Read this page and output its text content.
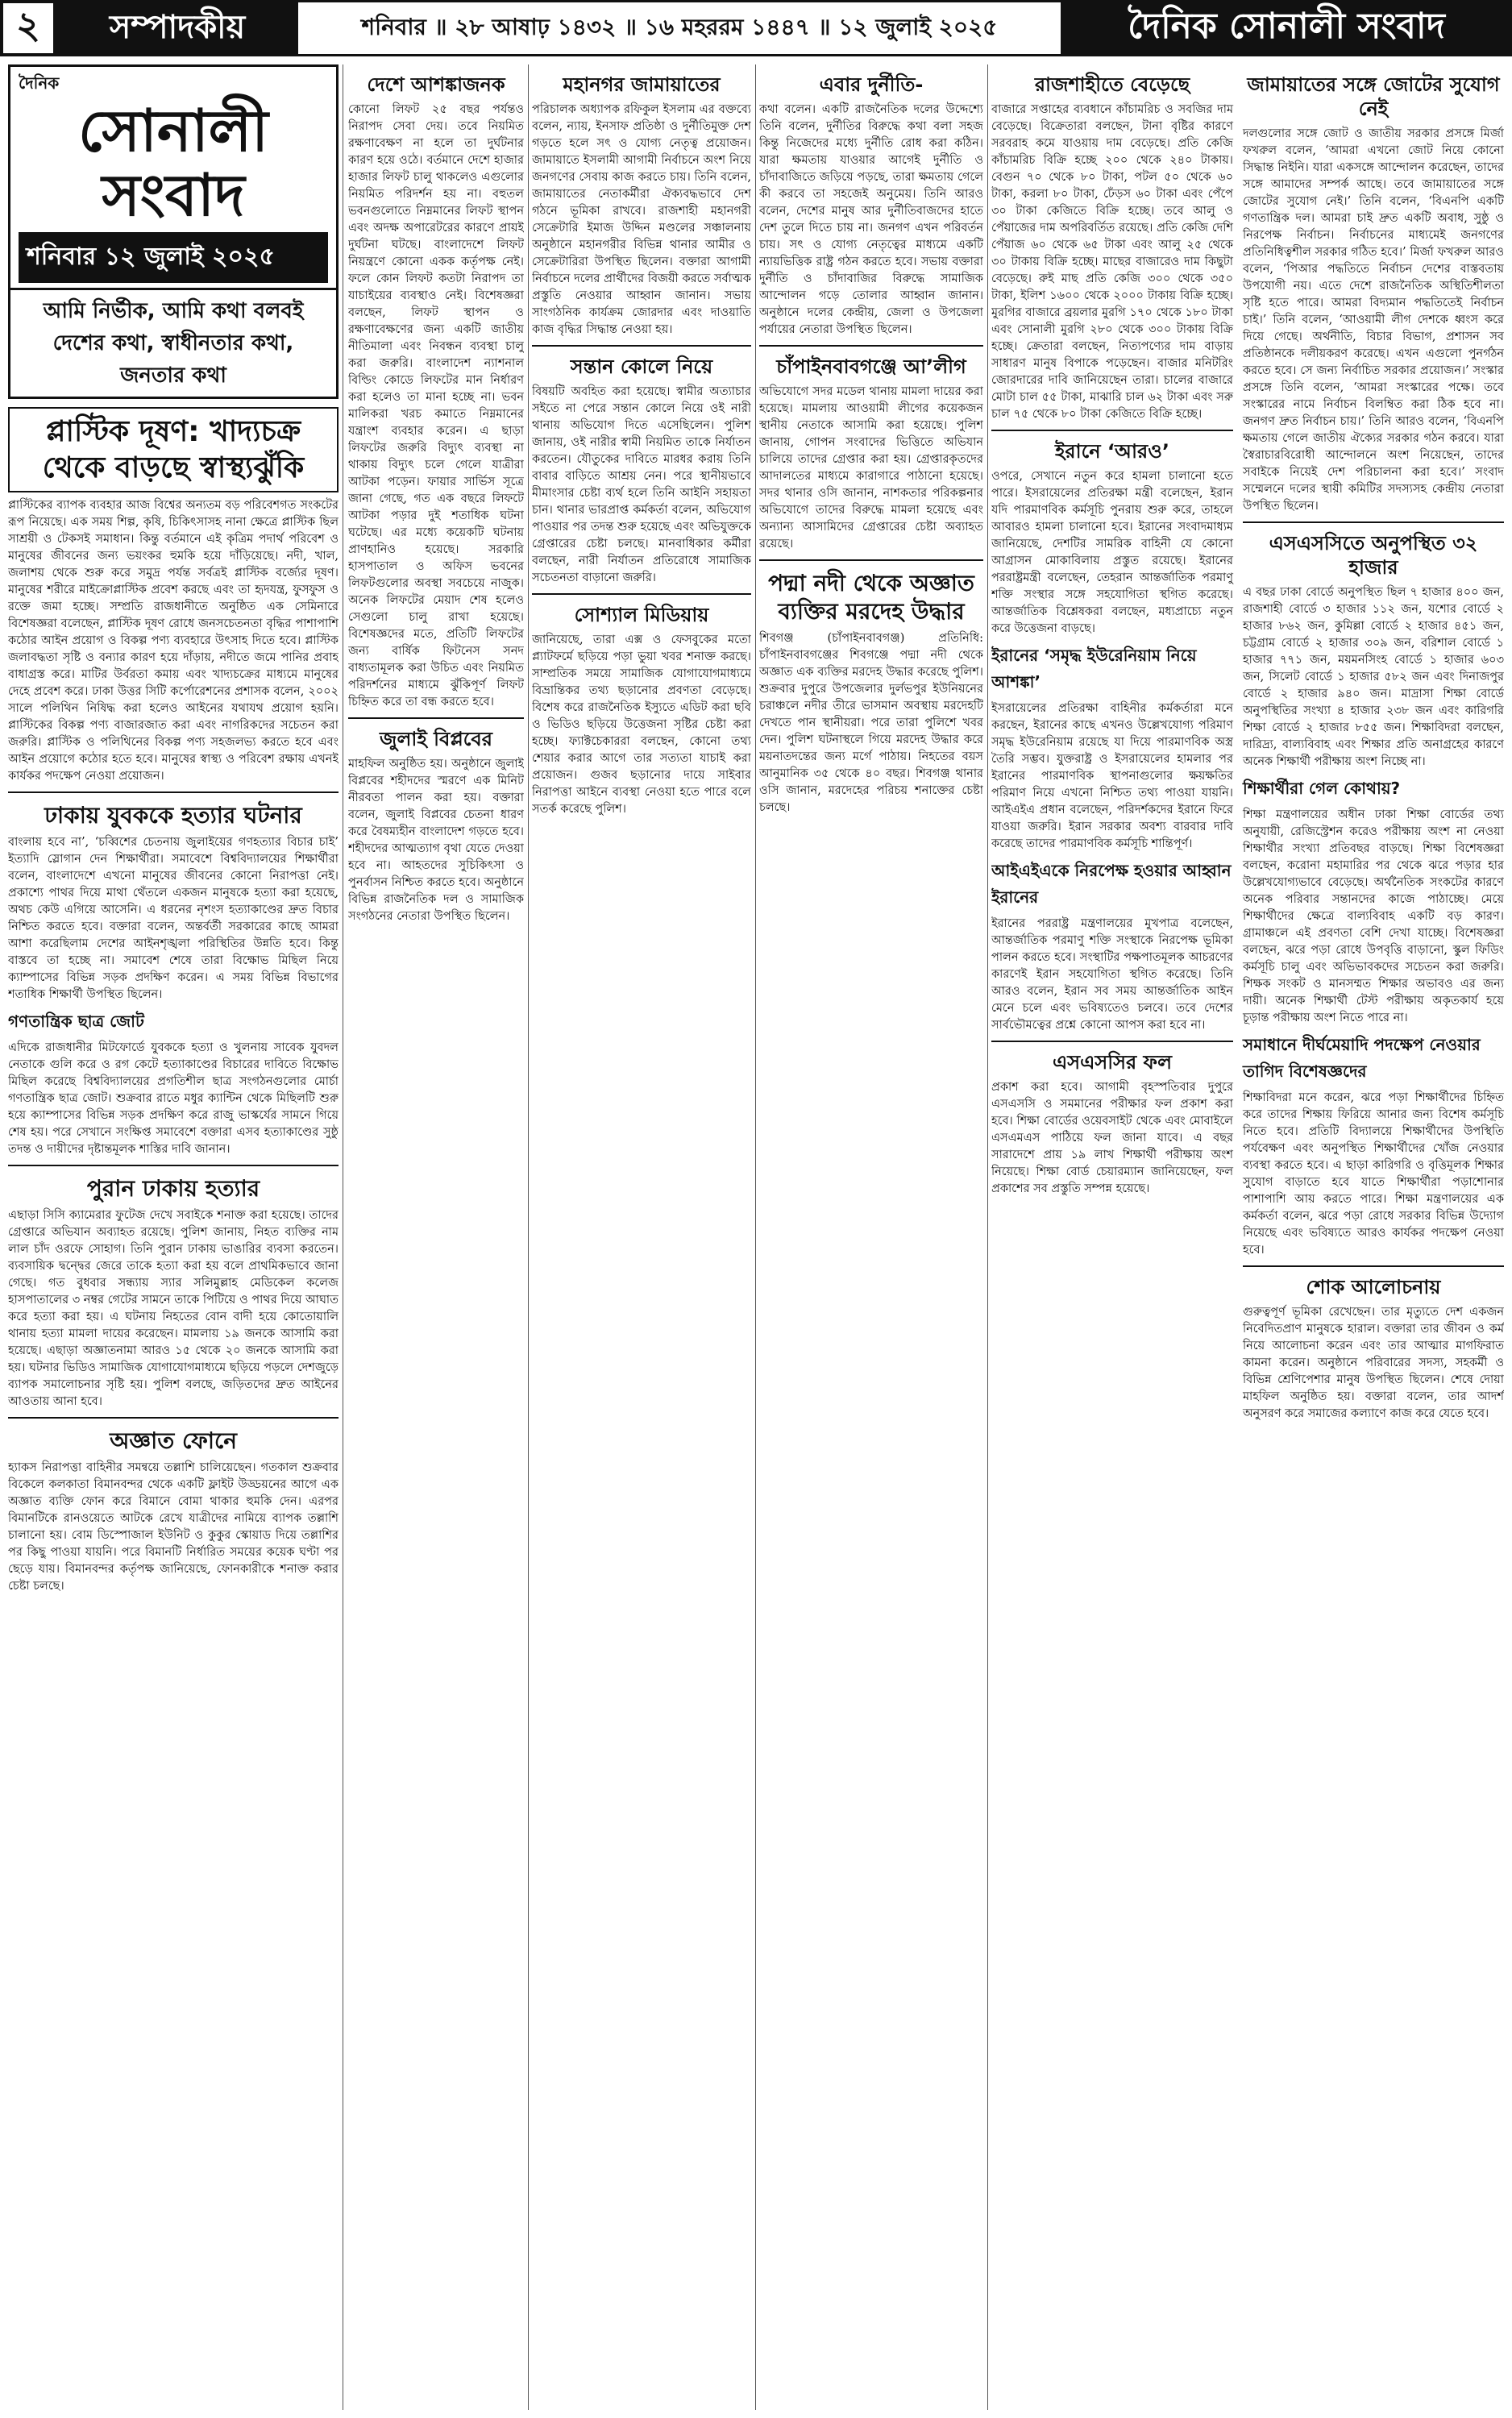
২	সম্পাদকীয়	শনিবার ॥ ২৮ আষাঢ় ১৪৩২ ॥ ১৬ মহররম ১৪৪৭ ॥ ১২ জুলাই ২০২৫	দৈনিক সোনালী সংবাদ
দৈনিক
সোনালী সংবাদ
শনিবার ১২ জুলাই ২০২৫
আমি নির্ভীক, আমি কথা বলবই
দেশের কথা, স্বাধীনতার কথা, জনতার কথা
প্লাস্টিক দূষণ: খাদ্যচক্র থেকে বাড়ছে স্বাস্থ্যঝুঁকি

প্লাস্টিকের ব্যাপক ব্যবহার আজ বিশ্বের অন্যতম বড় পরিবেশগত সংকটের রূপ নিয়েছে। এক সময় শিল্প, কৃষি, চিকিৎসাসহ নানা ক্ষেত্রে প্লাস্টিক ছিল সাশ্রয়ী ও টেকসই সমাধান। কিন্তু বর্তমানে এই কৃত্রিম পদার্থ পরিবেশ ও মানুষের জীবনের জন্য ভয়ংকর হুমকি হয়ে দাঁড়িয়েছে। নদী, খাল, জলাশয় থেকে শুরু করে সমুদ্র পর্যন্ত সর্বত্রই প্লাস্টিক বর্জ্যের দূষণ। মানুষের শরীরে মাইক্রোপ্লাস্টিক প্রবেশ করছে এবং তা হৃদযন্ত্র, ফুসফুস ও রক্তে জমা হচ্ছে। সম্প্রতি রাজধানীতে অনুষ্ঠিত এক সেমিনারে বিশেষজ্ঞরা বলেছেন, প্লাস্টিক দূষণ রোধে জনসচেতনতা বৃদ্ধির পাশাপাশি কঠোর আইন প্রয়োগ ও বিকল্প পণ্য ব্যবহারে উৎসাহ দিতে হবে। প্লাস্টিক জলাবদ্ধতা সৃষ্টি ও বন্যার কারণ হয়ে দাঁড়ায়, নদীতে জমে পানির প্রবাহ বাধাগ্রস্ত করে। মাটির উর্বরতা কমায় এবং খাদ্যচক্রের মাধ্যমে মানুষের দেহে প্রবেশ করে। ঢাকা উত্তর সিটি কর্পোরেশনের প্রশাসক বলেন, ২০০২ সালে পলিথিন নিষিদ্ধ করা হলেও আইনের যথাযথ প্রয়োগ হয়নি। প্লাস্টিকের বিকল্প পণ্য বাজারজাত করা এবং নাগরিকদের সচেতন করা জরুরি। প্লাস্টিক ও পলিথিনের বিকল্প পণ্য সহজলভ্য করতে হবে এবং আইন প্রয়োগে কঠোর হতে হবে। মানুষের স্বাস্থ্য ও পরিবেশ রক্ষায় এখনই কার্যকর পদক্ষেপ নেওয়া প্রয়োজন।

ঢাকায় যুবককে হত্যার ঘটনার

বাংলায় হবে না’, ‘চব্বিশের চেতনায় জুলাইয়ের গণহত্যার বিচার চাই’ ইত্যাদি স্লোগান দেন শিক্ষার্থীরা। সমাবেশে বিশ্ববিদ্যালয়ের শিক্ষার্থীরা বলেন, বাংলাদেশে এখনো মানুষের জীবনের কোনো নিরাপত্তা নেই। প্রকাশ্যে পাথর দিয়ে মাথা থেঁতলে একজন মানুষকে হত্যা করা হয়েছে, অথচ কেউ এগিয়ে আসেনি। এ ধরনের নৃশংস হত্যাকাণ্ডের দ্রুত বিচার নিশ্চিত করতে হবে। বক্তারা বলেন, অন্তর্বর্তী সরকারের কাছে আমরা আশা করেছিলাম দেশের আইনশৃঙ্খলা পরিস্থিতির উন্নতি হবে। কিন্তু বাস্তবে তা হচ্ছে না। সমাবেশ শেষে তারা বিক্ষোভ মিছিল নিয়ে ক্যাম্পাসের বিভিন্ন সড়ক প্রদক্ষিণ করেন। এ সময় বিভিন্ন বিভাগের শতাধিক শিক্ষার্থী উপস্থিত ছিলেন।

গণতান্ত্রিক ছাত্র জোট

এদিকে রাজধানীর মিটফোর্ডে যুবককে হত্যা ও খুলনায় সাবেক যুবদল নেতাকে গুলি করে ও রগ কেটে হত্যাকাণ্ডের বিচারের দাবিতে বিক্ষোভ মিছিল করেছে বিশ্ববিদ্যালয়ের প্রগতিশীল ছাত্র সংগঠনগুলোর মোর্চা গণতান্ত্রিক ছাত্র জোট। শুক্রবার রাতে মধুর ক্যান্টিন থেকে মিছিলটি শুরু হয়ে ক্যাম্পাসের বিভিন্ন সড়ক প্রদক্ষিণ করে রাজু ভাস্কর্যের সামনে গিয়ে শেষ হয়। পরে সেখানে সংক্ষিপ্ত সমাবেশে বক্তারা এসব হত্যাকাণ্ডের সুষ্ঠু তদন্ত ও দায়ীদের দৃষ্টান্তমূলক শাস্তির দাবি জানান।

পুরান ঢাকায় হত্যার

এছাড়া সিসি ক্যামেরার ফুটেজ দেখে সবাইকে শনাক্ত করা হয়েছে। তাদের গ্রেপ্তারে অভিযান অব্যাহত রয়েছে। পুলিশ জানায়, নিহত ব্যক্তির নাম লাল চাঁদ ওরফে সোহাগ। তিনি পুরান ঢাকায় ভাঙারির ব্যবসা করতেন। ব্যবসায়িক দ্বন্দ্বের জেরে তাকে হত্যা করা হয় বলে প্রাথমিকভাবে জানা গেছে। গত বুধবার সন্ধ্যায় স্যার সলিমুল্লাহ মেডিকেল কলেজ হাসপাতালের ৩ নম্বর গেটের সামনে তাকে পিটিয়ে ও পাথর দিয়ে আঘাত করে হত্যা করা হয়। এ ঘটনায় নিহতের বোন বাদী হয়ে কোতোয়ালি থানায় হত্যা মামলা দায়ের করেছেন। মামলায় ১৯ জনকে আসামি করা হয়েছে। এছাড়া অজ্ঞাতনামা আরও ১৫ থেকে ২০ জনকে আসামি করা হয়। ঘটনার ভিডিও সামাজিক যোগাযোগমাধ্যমে ছড়িয়ে পড়লে দেশজুড়ে ব্যাপক সমালোচনার সৃষ্টি হয়। পুলিশ বলছে, জড়িতদের দ্রুত আইনের আওতায় আনা হবে।

অজ্ঞাত ফোনে

হ্যাকস নিরাপত্তা বাহিনীর সমন্বয়ে তল্লাশি চালিয়েছেন। গতকাল শুক্রবার বিকেলে কলকাতা বিমানবন্দর থেকে একটি ফ্লাইট উড্ডয়নের আগে এক অজ্ঞাত ব্যক্তি ফোন করে বিমানে বোমা থাকার হুমকি দেন। এরপর বিমানটিকে রানওয়েতে আটকে রেখে যাত্রীদের নামিয়ে ব্যাপক তল্লাশি চালানো হয়। বোম ডিস্পোজাল ইউনিট ও কুকুর স্কোয়াড দিয়ে তল্লাশির পর কিছু পাওয়া যায়নি। পরে বিমানটি নির্ধারিত সময়ের কয়েক ঘণ্টা পর ছেড়ে যায়। বিমানবন্দর কর্তৃপক্ষ জানিয়েছে, ফোনকারীকে শনাক্ত করার চেষ্টা চলছে।

দেশে আশঙ্কাজনক

কোনো লিফট ২৫ বছর পর্যন্তও নিরাপদ সেবা দেয়। তবে নিয়মিত রক্ষণাবেক্ষণ না হলে তা দুর্ঘটনার কারণ হয়ে ওঠে। বর্তমানে দেশে হাজার হাজার লিফট চালু থাকলেও এগুলোর নিয়মিত পরিদর্শন হয় না। বহুতল ভবনগুলোতে নিম্নমানের লিফট স্থাপন এবং অদক্ষ অপারেটরের কারণে প্রায়ই দুর্ঘটনা ঘটছে। বাংলাদেশে লিফট নিয়ন্ত্রণে কোনো একক কর্তৃপক্ষ নেই। ফলে কোন লিফট কতটা নিরাপদ তা যাচাইয়ের ব্যবস্থাও নেই। বিশেষজ্ঞরা বলছেন, লিফট স্থাপন ও রক্ষণাবেক্ষণের জন্য একটি জাতীয় নীতিমালা এবং নিবন্ধন ব্যবস্থা চালু করা জরুরি। বাংলাদেশ ন্যাশনাল বিল্ডিং কোডে লিফটের মান নির্ধারণ করা হলেও তা মানা হচ্ছে না। ভবন মালিকরা খরচ কমাতে নিম্নমানের যন্ত্রাংশ ব্যবহার করেন। এ ছাড়া লিফটের জরুরি বিদ্যুৎ ব্যবস্থা না থাকায় বিদ্যুৎ চলে গেলে যাত্রীরা আটকা পড়েন। ফায়ার সার্ভিস সূত্রে জানা গেছে, গত এক বছরে লিফটে আটকা পড়ার দুই শতাধিক ঘটনা ঘটেছে। এর মধ্যে কয়েকটি ঘটনায় প্রাণহানিও হয়েছে। সরকারি হাসপাতাল ও অফিস ভবনের লিফটগুলোর অবস্থা সবচেয়ে নাজুক। অনেক লিফটের মেয়াদ শেষ হলেও সেগুলো চালু রাখা হয়েছে। বিশেষজ্ঞদের মতে, প্রতিটি লিফটের জন্য বার্ষিক ফিটনেস সনদ বাধ্যতামূলক করা উচিত এবং নিয়মিত পরিদর্শনের মাধ্যমে ঝুঁকিপূর্ণ লিফট চিহ্নিত করে তা বন্ধ করতে হবে।

জুলাই বিপ্লবের

মাহফিল অনুষ্ঠিত হয়। অনুষ্ঠানে জুলাই বিপ্লবের শহীদদের স্মরণে এক মিনিট নীরবতা পালন করা হয়। বক্তারা বলেন, জুলাই বিপ্লবের চেতনা ধারণ করে বৈষম্যহীন বাংলাদেশ গড়তে হবে। শহীদদের আত্মত্যাগ বৃথা যেতে দেওয়া হবে না। আহতদের সুচিকিৎসা ও পুনর্বাসন নিশ্চিত করতে হবে। অনুষ্ঠানে বিভিন্ন রাজনৈতিক দল ও সামাজিক সংগঠনের নেতারা উপস্থিত ছিলেন।

মহানগর জামায়াতের

পরিচালক অধ্যাপক রফিকুল ইসলাম এর বক্তব্যে বলেন, ন্যায়, ইনসাফ প্রতিষ্ঠা ও দুর্নীতিমুক্ত দেশ গড়তে হলে সৎ ও যোগ্য নেতৃত্ব প্রয়োজন। জামায়াতে ইসলামী আগামী নির্বাচনে অংশ নিয়ে জনগণের সেবায় কাজ করতে চায়। তিনি বলেন, জামায়াতের নেতাকর্মীরা ঐক্যবদ্ধভাবে দেশ গঠনে ভূমিকা রাখবে। রাজশাহী মহানগরী সেক্রেটারি ইমাজ উদ্দিন মণ্ডলের সঞ্চালনায় অনুষ্ঠানে মহানগরীর বিভিন্ন থানার আমীর ও সেক্রেটারিরা উপস্থিত ছিলেন। বক্তারা আগামী নির্বাচনে দলের প্রার্থীদের বিজয়ী করতে সর্বাত্মক প্রস্তুতি নেওয়ার আহ্বান জানান। সভায় সাংগঠনিক কার্যক্রম জোরদার এবং দাওয়াতি কাজ বৃদ্ধির সিদ্ধান্ত নেওয়া হয়।

সন্তান কোলে নিয়ে

বিষয়টি অবহিত করা হয়েছে। স্বামীর অত্যাচার সইতে না পেরে সন্তান কোলে নিয়ে ওই নারী থানায় অভিযোগ দিতে এসেছিলেন। পুলিশ জানায়, ওই নারীর স্বামী নিয়মিত তাকে নির্যাতন করতেন। যৌতুকের দাবিতে মারধর করায় তিনি বাবার বাড়িতে আশ্রয় নেন। পরে স্থানীয়ভাবে মীমাংসার চেষ্টা ব্যর্থ হলে তিনি আইনি সহায়তা চান। থানার ভারপ্রাপ্ত কর্মকর্তা বলেন, অভিযোগ পাওয়ার পর তদন্ত শুরু হয়েছে এবং অভিযুক্তকে গ্রেপ্তারের চেষ্টা চলছে। মানবাধিকার কর্মীরা বলছেন, নারী নির্যাতন প্রতিরোধে সামাজিক সচেতনতা বাড়ানো জরুরি।

সোশ্যাল মিডিয়ায়

জানিয়েছে, তারা এক্স ও ফেসবুকের মতো প্ল্যাটফর্মে ছড়িয়ে পড়া ভুয়া খবর শনাক্ত করছে। সাম্প্রতিক সময়ে সামাজিক যোগাযোগমাধ্যমে বিভ্রান্তিকর তথ্য ছড়ানোর প্রবণতা বেড়েছে। বিশেষ করে রাজনৈতিক ইস্যুতে এডিট করা ছবি ও ভিডিও ছড়িয়ে উত্তেজনা সৃষ্টির চেষ্টা করা হচ্ছে। ফ্যাক্টচেকাররা বলছেন, কোনো তথ্য শেয়ার করার আগে তার সত্যতা যাচাই করা প্রয়োজন। গুজব ছড়ানোর দায়ে সাইবার নিরাপত্তা আইনে ব্যবস্থা নেওয়া হতে পারে বলে সতর্ক করেছে পুলিশ।

এবার দুর্নীতি-

কথা বলেন। একটি রাজনৈতিক দলের উদ্দেশ্যে তিনি বলেন, দুর্নীতির বিরুদ্ধে কথা বলা সহজ কিন্তু নিজেদের মধ্যে দুর্নীতি রোধ করা কঠিন। যারা ক্ষমতায় যাওয়ার আগেই দুর্নীতি ও চাঁদাবাজিতে জড়িয়ে পড়ছে, তারা ক্ষমতায় গেলে কী করবে তা সহজেই অনুমেয়। তিনি আরও বলেন, দেশের মানুষ আর দুর্নীতিবাজদের হাতে দেশ তুলে দিতে চায় না। জনগণ এখন পরিবর্তন চায়। সৎ ও যোগ্য নেতৃত্বের মাধ্যমে একটি ন্যায়ভিত্তিক রাষ্ট্র গঠন করতে হবে। সভায় বক্তারা দুর্নীতি ও চাঁদাবাজির বিরুদ্ধে সামাজিক আন্দোলন গড়ে তোলার আহ্বান জানান। অনুষ্ঠানে দলের কেন্দ্রীয়, জেলা ও উপজেলা পর্যায়ের নেতারা উপস্থিত ছিলেন।

চাঁপাইনবাবগঞ্জে আ’লীগ

অভিযোগে সদর মডেল থানায় মামলা দায়ের করা হয়েছে। মামলায় আওয়ামী লীগের কয়েকজন স্থানীয় নেতাকে আসামি করা হয়েছে। পুলিশ জানায়, গোপন সংবাদের ভিত্তিতে অভিযান চালিয়ে তাদের গ্রেপ্তার করা হয়। গ্রেপ্তারকৃতদের আদালতের মাধ্যমে কারাগারে পাঠানো হয়েছে। সদর থানার ওসি জানান, নাশকতার পরিকল্পনার অভিযোগে তাদের বিরুদ্ধে মামলা হয়েছে এবং অন্যান্য আসামিদের গ্রেপ্তারের চেষ্টা অব্যাহত রয়েছে।

পদ্মা নদী থেকে অজ্ঞাত ব্যক্তির মরদেহ উদ্ধার

শিবগঞ্জ (চাঁপাইনবাবগঞ্জ) প্রতিনিধি: চাঁপাইনবাবগঞ্জের শিবগঞ্জে পদ্মা নদী থেকে অজ্ঞাত এক ব্যক্তির মরদেহ উদ্ধার করেছে পুলিশ। শুক্রবার দুপুরে উপজেলার দুর্লভপুর ইউনিয়নের চরাঞ্চলে নদীর তীরে ভাসমান অবস্থায় মরদেহটি দেখতে পান স্থানীয়রা। পরে তারা পুলিশে খবর দেন। পুলিশ ঘটনাস্থলে গিয়ে মরদেহ উদ্ধার করে ময়নাতদন্তের জন্য মর্গে পাঠায়। নিহতের বয়স আনুমানিক ৩৫ থেকে ৪০ বছর। শিবগঞ্জ থানার ওসি জানান, মরদেহের পরিচয় শনাক্তের চেষ্টা চলছে।

রাজশাহীতে বেড়েছে

বাজারে সপ্তাহের ব্যবধানে কাঁচামরিচ ও সবজির দাম বেড়েছে। বিক্রেতারা বলছেন, টানা বৃষ্টির কারণে সরবরাহ কমে যাওয়ায় দাম বেড়েছে। প্রতি কেজি কাঁচামরিচ বিক্রি হচ্ছে ২০০ থেকে ২৪০ টাকায়। বেগুন ৭০ থেকে ৮০ টাকা, পটল ৫০ থেকে ৬০ টাকা, করলা ৮০ টাকা, ঢেঁড়স ৬০ টাকা এবং পেঁপে ৩০ টাকা কেজিতে বিক্রি হচ্ছে। তবে আলু ও পেঁয়াজের দাম অপরিবর্তিত রয়েছে। প্রতি কেজি দেশি পেঁয়াজ ৬০ থেকে ৬৫ টাকা এবং আলু ২৫ থেকে ৩০ টাকায় বিক্রি হচ্ছে। মাছের বাজারেও দাম কিছুটা বেড়েছে। রুই মাছ প্রতি কেজি ৩০০ থেকে ৩৫০ টাকা, ইলিশ ১৬০০ থেকে ২০০০ টাকায় বিক্রি হচ্ছে। মুরগির বাজারে ব্রয়লার মুরগি ১৭০ থেকে ১৮০ টাকা এবং সোনালী মুরগি ২৮০ থেকে ৩০০ টাকায় বিক্রি হচ্ছে। ক্রেতারা বলছেন, নিত্যপণ্যের দাম বাড়ায় সাধারণ মানুষ বিপাকে পড়েছেন। বাজার মনিটরিং জোরদারের দাবি জানিয়েছেন তারা। চালের বাজারে মোটা চাল ৫৫ টাকা, মাঝারি চাল ৬২ টাকা এবং সরু চাল ৭৫ থেকে ৮০ টাকা কেজিতে বিক্রি হচ্ছে।

ইরানে ‘আরও’

ওপরে, সেখানে নতুন করে হামলা চালানো হতে পারে। ইসরায়েলের প্রতিরক্ষা মন্ত্রী বলেছেন, ইরান যদি পারমাণবিক কর্মসূচি পুনরায় শুরু করে, তাহলে আবারও হামলা চালানো হবে। ইরানের সংবাদমাধ্যম জানিয়েছে, দেশটির সামরিক বাহিনী যে কোনো আগ্রাসন মোকাবিলায় প্রস্তুত রয়েছে। ইরানের পররাষ্ট্রমন্ত্রী বলেছেন, তেহরান আন্তর্জাতিক পরমাণু শক্তি সংস্থার সঙ্গে সহযোগিতা স্থগিত করেছে। আন্তর্জাতিক বিশ্লেষকরা বলছেন, মধ্যপ্রাচ্যে নতুন করে উত্তেজনা বাড়ছে।

ইরানের ‘সমৃদ্ধ ইউরেনিয়াম নিয়ে আশঙ্কা’

ইসরায়েলের প্রতিরক্ষা বাহিনীর কর্মকর্তারা মনে করছেন, ইরানের কাছে এখনও উল্লেখযোগ্য পরিমাণ সমৃদ্ধ ইউরেনিয়াম রয়েছে যা দিয়ে পারমাণবিক অস্ত্র তৈরি সম্ভব। যুক্তরাষ্ট্র ও ইসরায়েলের হামলার পর ইরানের পারমাণবিক স্থাপনাগুলোর ক্ষয়ক্ষতির পরিমাণ নিয়ে এখনো নিশ্চিত তথ্য পাওয়া যায়নি। আইএইএ প্রধান বলেছেন, পরিদর্শকদের ইরানে ফিরে যাওয়া জরুরি। ইরান সরকার অবশ্য বারবার দাবি করেছে তাদের পারমাণবিক কর্মসূচি শান্তিপূর্ণ।

আইএইএকে নিরপেক্ষ হওয়ার আহ্বান ইরানের

ইরানের পররাষ্ট্র মন্ত্রণালয়ের মুখপাত্র বলেছেন, আন্তর্জাতিক পরমাণু শক্তি সংস্থাকে নিরপেক্ষ ভূমিকা পালন করতে হবে। সংস্থাটির পক্ষপাতমূলক আচরণের কারণেই ইরান সহযোগিতা স্থগিত করেছে। তিনি আরও বলেন, ইরান সব সময় আন্তর্জাতিক আইন মেনে চলে এবং ভবিষ্যতেও চলবে। তবে দেশের সার্বভৌমত্বের প্রশ্নে কোনো আপস করা হবে না।

এসএসসির ফল

প্রকাশ করা হবে। আগামী বৃহস্পতিবার দুপুরে এসএসসি ও সমমানের পরীক্ষার ফল প্রকাশ করা হবে। শিক্ষা বোর্ডের ওয়েবসাইট থেকে এবং মোবাইলে এসএমএস পাঠিয়ে ফল জানা যাবে। এ বছর সারাদেশে প্রায় ১৯ লাখ শিক্ষার্থী পরীক্ষায় অংশ নিয়েছে। শিক্ষা বোর্ড চেয়ারম্যান জানিয়েছেন, ফল প্রকাশের সব প্রস্তুতি সম্পন্ন হয়েছে।

জামায়াতের সঙ্গে জোটের সুযোগ নেই

দলগুলোর সঙ্গে জোট ও জাতীয় সরকার প্রসঙ্গে মির্জা ফখরুল বলেন, ‘আমরা এখনো জোট নিয়ে কোনো সিদ্ধান্ত নিইনি। যারা একসঙ্গে আন্দোলন করেছেন, তাদের সঙ্গে আমাদের সম্পর্ক আছে। তবে জামায়াতের সঙ্গে জোটের সুযোগ নেই।’ তিনি বলেন, ‘বিএনপি একটি গণতান্ত্রিক দল। আমরা চাই দ্রুত একটি অবাধ, সুষ্ঠু ও নিরপেক্ষ নির্বাচন। নির্বাচনের মাধ্যমেই জনগণের প্রতিনিধিত্বশীল সরকার গঠিত হবে।’ মির্জা ফখরুল আরও বলেন, ‘পিআর পদ্ধতিতে নির্বাচন দেশের বাস্তবতায় উপযোগী নয়। এতে দেশে রাজনৈতিক অস্থিতিশীলতা সৃষ্টি হতে পারে। আমরা বিদ্যমান পদ্ধতিতেই নির্বাচন চাই।’ তিনি বলেন, ‘আওয়ামী লীগ দেশকে ধ্বংস করে দিয়ে গেছে। অর্থনীতি, বিচার বিভাগ, প্রশাসন সব প্রতিষ্ঠানকে দলীয়করণ করেছে। এখন এগুলো পুনর্গঠন করতে হবে। সে জন্য নির্বাচিত সরকার প্রয়োজন।’ সংস্কার প্রসঙ্গে তিনি বলেন, ‘আমরা সংস্কারের পক্ষে। তবে সংস্কারের নামে নির্বাচন বিলম্বিত করা ঠিক হবে না। জনগণ দ্রুত নির্বাচন চায়।’ তিনি আরও বলেন, ‘বিএনপি ক্ষমতায় গেলে জাতীয় ঐক্যের সরকার গঠন করবে। যারা স্বৈরাচারবিরোধী আন্দোলনে অংশ নিয়েছেন, তাদের সবাইকে নিয়েই দেশ পরিচালনা করা হবে।’ সংবাদ সম্মেলনে দলের স্থায়ী কমিটির সদস্যসহ কেন্দ্রীয় নেতারা উপস্থিত ছিলেন।

এসএসসিতে অনুপস্থিত ৩২ হাজার

এ বছর ঢাকা বোর্ডে অনুপস্থিত ছিল ৭ হাজার ৪০০ জন, রাজশাহী বোর্ডে ৩ হাজার ১১২ জন, যশোর বোর্ডে ২ হাজার ৮৬২ জন, কুমিল্লা বোর্ডে ২ হাজার ৪৫১ জন, চট্টগ্রাম বোর্ডে ২ হাজার ৩০৯ জন, বরিশাল বোর্ডে ১ হাজার ৭৭১ জন, ময়মনসিংহ বোর্ডে ১ হাজার ৬০৩ জন, সিলেট বোর্ডে ১ হাজার ৫৮২ জন এবং দিনাজপুর বোর্ডে ২ হাজার ৯৪০ জন। মাদ্রাসা শিক্ষা বোর্ডে অনুপস্থিতির সংখ্যা ৪ হাজার ২৩৮ জন এবং কারিগরি শিক্ষা বোর্ডে ২ হাজার ৮৫৫ জন। শিক্ষাবিদরা বলছেন, দারিদ্র্য, বাল্যবিবাহ এবং শিক্ষার প্রতি অনাগ্রহের কারণে অনেক শিক্ষার্থী পরীক্ষায় অংশ নিচ্ছে না।

শিক্ষার্থীরা গেল কোথায়?

শিক্ষা মন্ত্রণালয়ের অধীন ঢাকা শিক্ষা বোর্ডের তথ্য অনুযায়ী, রেজিস্ট্রেশন করেও পরীক্ষায় অংশ না নেওয়া শিক্ষার্থীর সংখ্যা প্রতিবছর বাড়ছে। শিক্ষা বিশেষজ্ঞরা বলছেন, করোনা মহামারির পর থেকে ঝরে পড়ার হার উল্লেখযোগ্যভাবে বেড়েছে। অর্থনৈতিক সংকটের কারণে অনেক পরিবার সন্তানদের কাজে পাঠাচ্ছে। মেয়ে শিক্ষার্থীদের ক্ষেত্রে বাল্যবিবাহ একটি বড় কারণ। গ্রামাঞ্চলে এই প্রবণতা বেশি দেখা যাচ্ছে। বিশেষজ্ঞরা বলছেন, ঝরে পড়া রোধে উপবৃত্তি বাড়ানো, স্কুল ফিডিং কর্মসূচি চালু এবং অভিভাবকদের সচেতন করা জরুরি। শিক্ষক সংকট ও মানসম্মত শিক্ষার অভাবও এর জন্য দায়ী। অনেক শিক্ষার্থী টেস্ট পরীক্ষায় অকৃতকার্য হয়ে চূড়ান্ত পরীক্ষায় অংশ নিতে পারে না।

সমাধানে দীর্ঘমেয়াদি পদক্ষেপ নেওয়ার তাগিদ বিশেষজ্ঞদের

শিক্ষাবিদরা মনে করেন, ঝরে পড়া শিক্ষার্থীদের চিহ্নিত করে তাদের শিক্ষায় ফিরিয়ে আনার জন্য বিশেষ কর্মসূচি নিতে হবে। প্রতিটি বিদ্যালয়ে শিক্ষার্থীদের উপস্থিতি পর্যবেক্ষণ এবং অনুপস্থিত শিক্ষার্থীদের খোঁজ নেওয়ার ব্যবস্থা করতে হবে। এ ছাড়া কারিগরি ও বৃত্তিমূলক শিক্ষার সুযোগ বাড়াতে হবে যাতে শিক্ষার্থীরা পড়াশোনার পাশাপাশি আয় করতে পারে। শিক্ষা মন্ত্রণালয়ের এক কর্মকর্তা বলেন, ঝরে পড়া রোধে সরকার বিভিন্ন উদ্যোগ নিয়েছে এবং ভবিষ্যতে আরও কার্যকর পদক্ষেপ নেওয়া হবে।

শোক আলোচনায়

গুরুত্বপূর্ণ ভূমিকা রেখেছেন। তার মৃত্যুতে দেশ একজন নিবেদিতপ্রাণ মানুষকে হারাল। বক্তারা তার জীবন ও কর্ম নিয়ে আলোচনা করেন এবং তার আত্মার মাগফিরাত কামনা করেন। অনুষ্ঠানে পরিবারের সদস্য, সহকর্মী ও বিভিন্ন শ্রেণিপেশার মানুষ উপস্থিত ছিলেন। শেষে দোয়া মাহফিল অনুষ্ঠিত হয়। বক্তারা বলেন, তার আদর্শ অনুসরণ করে সমাজের কল্যাণে কাজ করে যেতে হবে।
